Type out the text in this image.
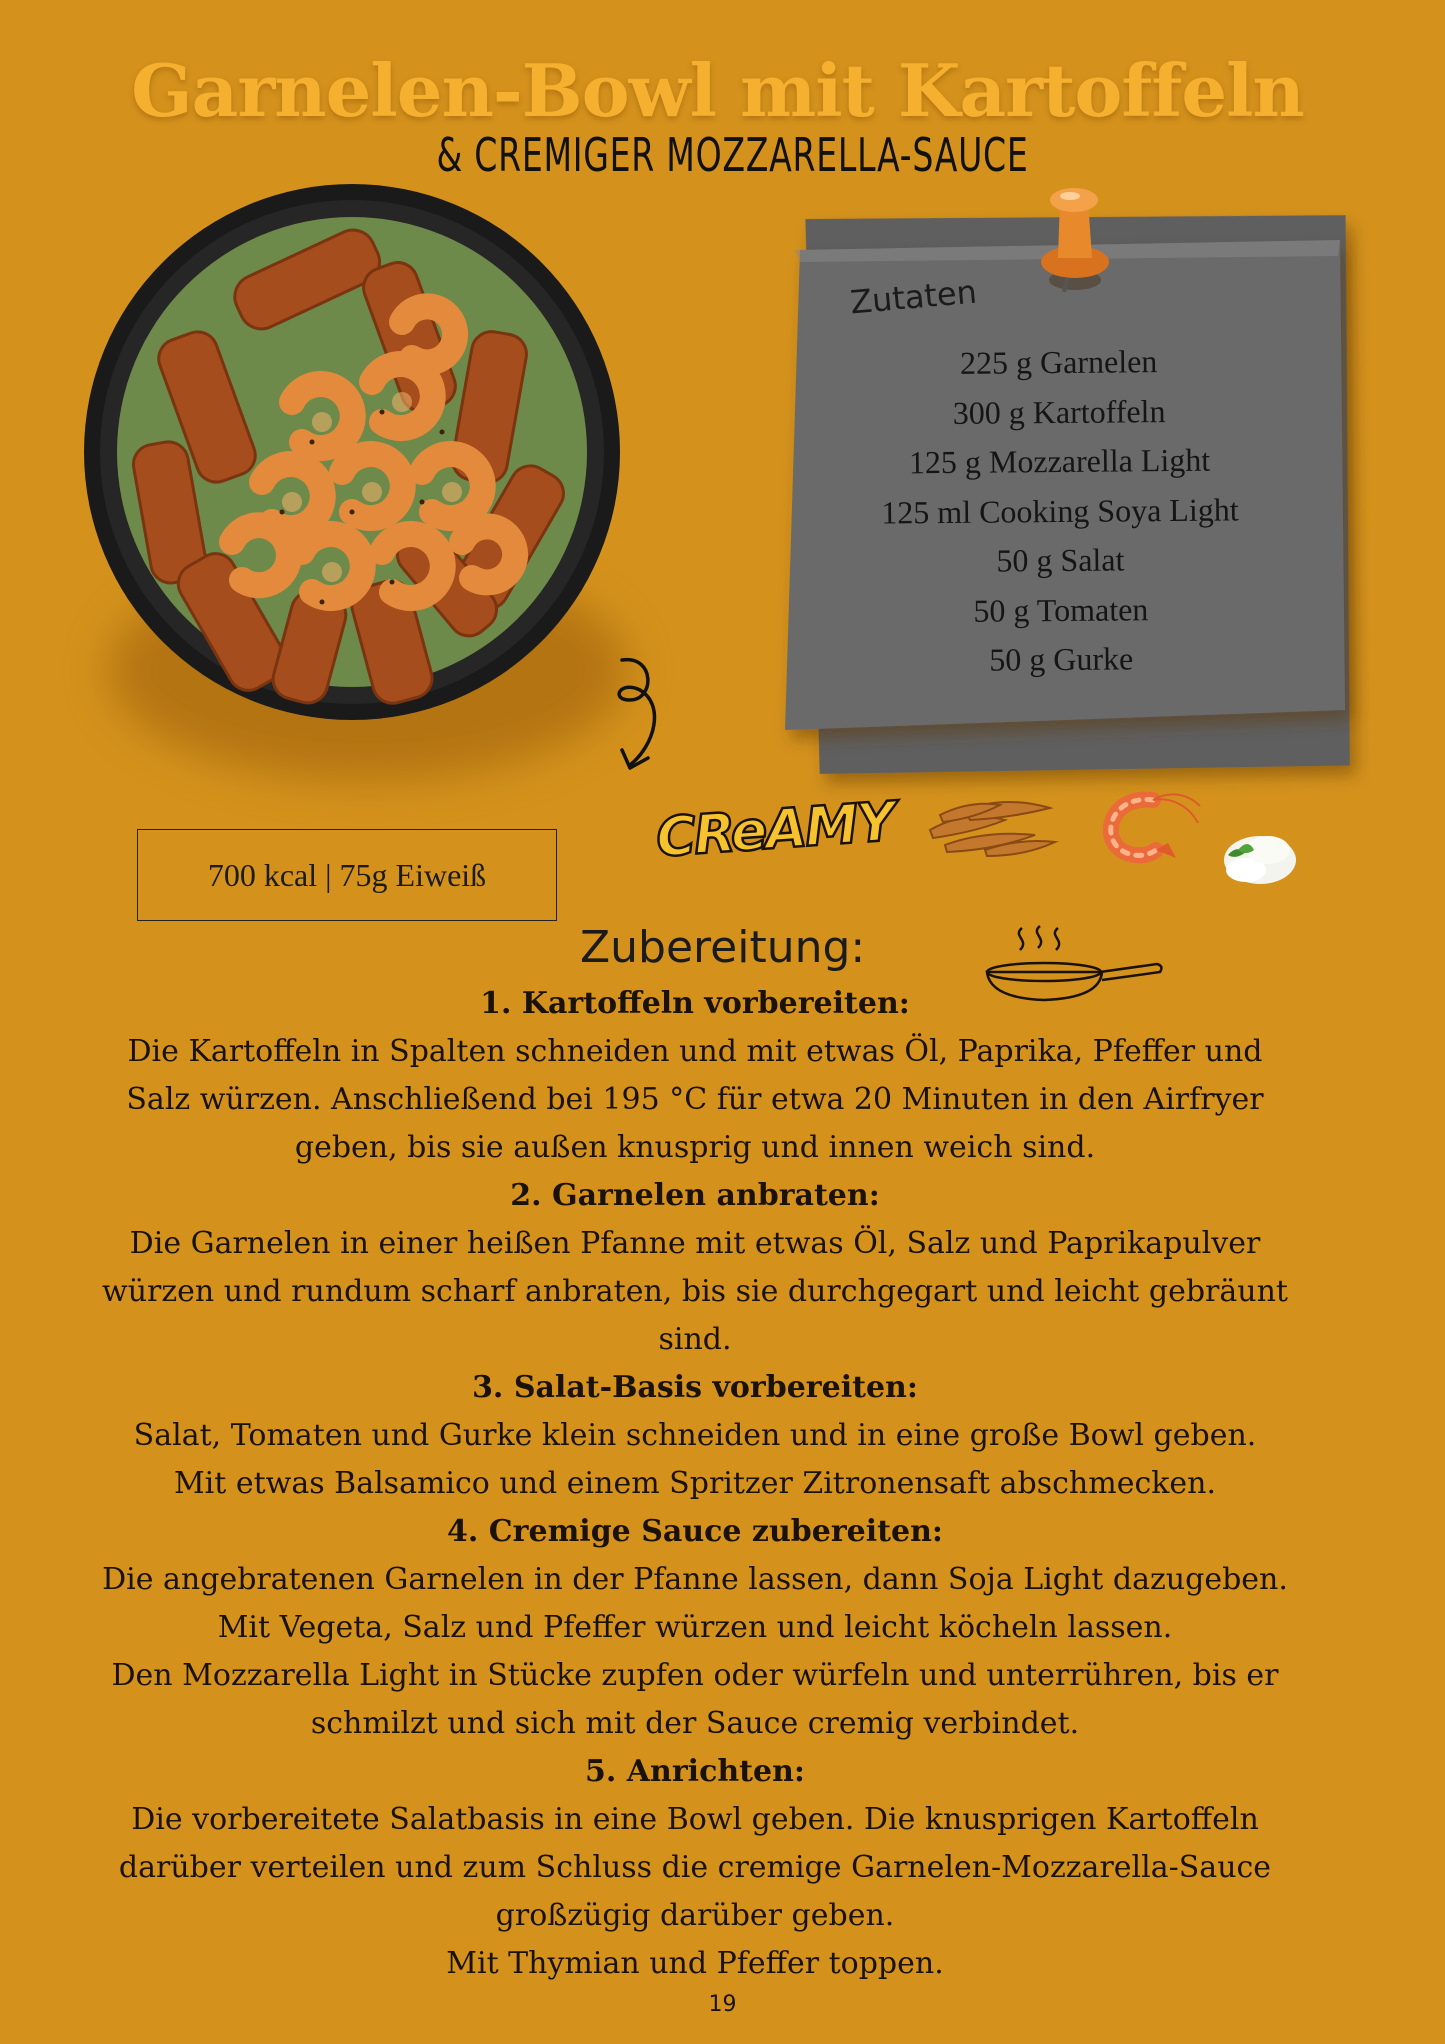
Garnelen-Bowl mit Kartoffeln
& CREMIGER MOZZARELLA-SAUCE
Zutaten
225 g Garnelen
300 g Kartoffeln
125 g Mozzarella Light
125 ml Cooking Soya Light
50 g Salat
50 g Tomaten
50 g Gurke
700 kcal | 75g Eiweiß
CReAMY
Zubereitung:
1. Kartoffeln vorbereiten:
Die Kartoffeln in Spalten schneiden und mit etwas Öl, Paprika, Pfeffer und
Salz würzen. Anschließend bei 195 °C für etwa 20 Minuten in den Airfryer
geben, bis sie außen knusprig und innen weich sind.
2. Garnelen anbraten:
Die Garnelen in einer heißen Pfanne mit etwas Öl, Salz und Paprikapulver
würzen und rundum scharf anbraten, bis sie durchgegart und leicht gebräunt
sind.
3. Salat-Basis vorbereiten:
Salat, Tomaten und Gurke klein schneiden und in eine große Bowl geben.
Mit etwas Balsamico und einem Spritzer Zitronensaft abschmecken.
4. Cremige Sauce zubereiten:
Die angebratenen Garnelen in der Pfanne lassen, dann Soja Light dazugeben.
Mit Vegeta, Salz und Pfeffer würzen und leicht köcheln lassen.
Den Mozzarella Light in Stücke zupfen oder würfeln und unterrühren, bis er
schmilzt und sich mit der Sauce cremig verbindet.
5. Anrichten:
Die vorbereitete Salatbasis in eine Bowl geben. Die knusprigen Kartoffeln
darüber verteilen und zum Schluss die cremige Garnelen-Mozzarella-Sauce
großzügig darüber geben.
Mit Thymian und Pfeffer toppen.
19
